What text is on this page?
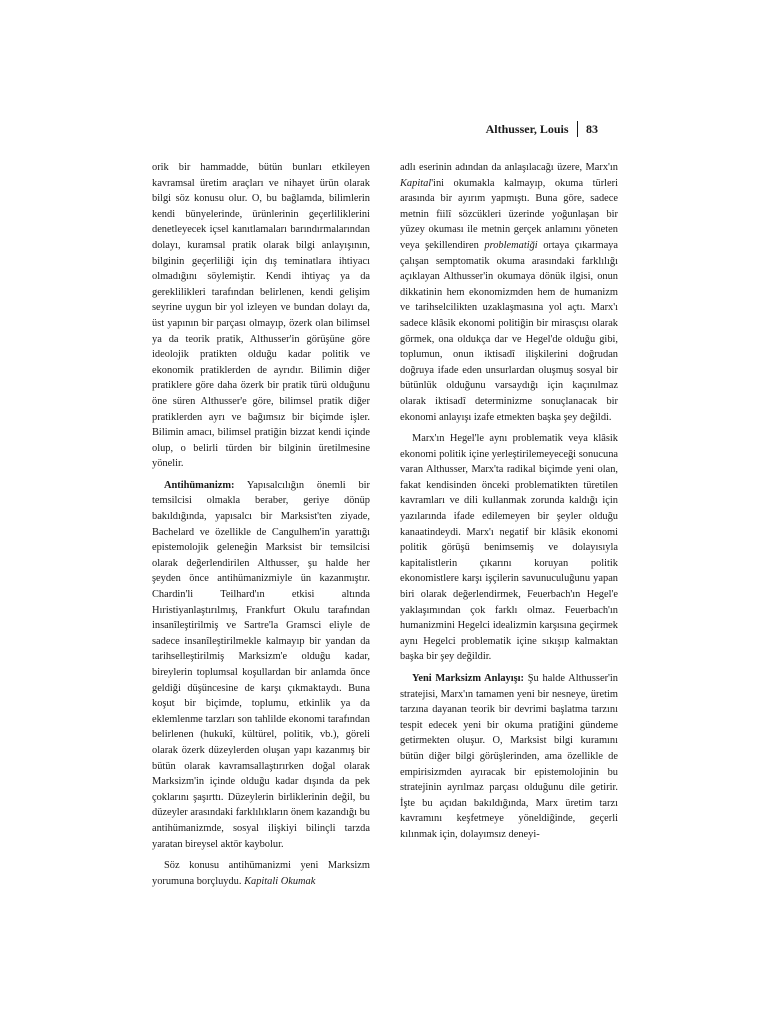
Althusser, Louis 83

orik bir hammadde, bütün bunları etkileyen kavramsal üretim araçları ve nihayet ürün olarak bilgi söz konusu olur. O, bu bağlamda, bilimlerin kendi bünyelerinde, ürünlerinin geçerliliklerini denetleyecek içsel kanıtlamaları barındırmalarından dolayı, kuramsal pratik olarak bilgi anlayışının, bilginin geçerliliği için dış teminatlara ihtiyacı olmadığını söylemiştir. Kendi ihtiyaç ya da gereklilikleri tarafından belirlenen, kendi gelişim seyrine uygun bir yol izleyen ve bundan dolayı da, üst yapının bir parçası olmayıp, özerk olan bilimsel ya da teorik pratik, Althusser'in görüşüne göre ideolojik pratikten olduğu kadar politik ve ekonomik pratiklerden de ayrıdır. Bilimin diğer pratiklere göre daha özerk bir pratik türü olduğunu öne süren Althusser'e göre, bilimsel pratik diğer pratiklerden ayrı ve bağımsız bir biçimde işler. Bilimin amacı, bilimsel pratiğin bizzat kendi içinde olup, o belirli türden bir bilginin üretilmesine yönelir.

Antihümanizm: Yapısalcılığın önemli bir temsilcisi olmakla beraber, geriye dönüp bakıldığında, yapısalcı bir Marksist'ten ziyade, Bachelard ve özellikle de Cangulhem'in yarattığı epistemolojik geleneğin Marksist bir temsilcisi olarak değerlendirilen Althusser, şu halde her şeyden önce antihümanizmiyle ün kazanmıştır. Chardin'li Teilhard'ın etkisi altında Hıristiyanlaştırılmış, Frankfurt Okulu tarafından insanîleştirilmiş ve Sartre'la Gramsci eliyle de sadece insanîleştirilmekle kalmayıp bir yandan da tarihselleştirilmiş Marksizm'e olduğu kadar, bireylerin toplumsal koşullardan bir anlamda önce geldiği düşüncesine de karşı çıkmaktaydı. Buna koşut bir biçimde, toplumu, etkinlik ya da eklemlenme tarzları son tahlilde ekonomi tarafından belirlenen (hukukî, kültürel, politik, vb.), göreli olarak özerk düzeylerden oluşan yapı kazanmış bir bütün olarak kavramsallaştırırken doğal olarak Marksizm'in içinde olduğu kadar dışında da pek çoklarını şaşırttı. Düzeylerin birliklerinin değil, bu düzeyler arasındaki farklılıkların önem kazandığı bu antihümanizmde, sosyal ilişkiyi bilinçli tarzda yaratan bireysel aktör kaybolur.

Söz konusu antihümanizmi yeni Marksizm yorumuna borçluydu. Kapitali Okumak

adlı eserinin adından da anlaşılacağı üzere, Marx'ın Kapital'ini okumakla kalmayıp, okuma türleri arasında bir ayırım yapmıştı. Buna göre, sadece metnin fiilî sözcükleri üzerinde yoğunlaşan bir yüzey okuması ile metnin gerçek anlamını yöneten veya şekillendiren problematiği ortaya çıkarmaya çalışan semptomatik okuma arasındaki farklılığı açıklayan Althusser'in okumaya dönük ilgisi, onun dikkatinin hem ekonomizmden hem de humanizm ve tarihselcilikten uzaklaşmasına yol açtı. Marx'ı sadece klâsik ekonomi politiğin bir mirasçısı olarak görmek, ona oldukça dar ve Hegel'de olduğu gibi, toplumun, onun iktisadî ilişkilerini doğrudan doğruya ifade eden unsurlardan oluşmuş sosyal bir bütünlük olduğunu varsaydığı için kaçınılmaz olarak iktisadî determinizme sonuçlanacak bir ekonomi anlayışı izafe etmekten başka şey değildi.

Marx'ın Hegel'le aynı problematik veya klâsik ekonomi politik içine yerleştirilemeyeceği sonucuna varan Althusser, Marx'ta radikal biçimde yeni olan, fakat kendisinden önceki problematikten türetilen kavramları ve dili kullanmak zorunda kaldığı için yazılarında ifade edilemeyen bir şeyler olduğu kanaatindeydi. Marx'ı negatif bir klâsik ekonomi politik görüşü benimsemiş ve dolayısıyla kapitalistlerin çıkarını koruyan politik ekonomistlere karşı işçilerin savunuculuğunu yapan biri olarak değerlendirmek, Feuerbach'ın Hegel'e yaklaşımından çok farklı olmaz. Feuerbach'ın humanizmini Hegelci idealizmin karşısına geçirmek aynı Hegelci problematik içine sıkışıp kalmaktan başka bir şey değildir.

Yeni Marksizm Anlayışı: Şu halde Althusser'in stratejisi, Marx'ın tamamen yeni bir nesneye, üretim tarzına dayanan teorik bir devrimi başlatma tarzını tespit edecek yeni bir okuma pratiğini gündeme getirmekten oluşur. O, Marksist bilgi kuramını bütün diğer bilgi görüşlerinden, ama özellikle de empirisizmden ayıracak bir epistemolojinin bu stratejinin ayrılmaz parçası olduğunu dile getirir. İşte bu açıdan bakıldığında, Marx üretim tarzı kavramını keşfetmeye yöneldiğinde, geçerli kılınmak için, dolayımsız deneyi-
